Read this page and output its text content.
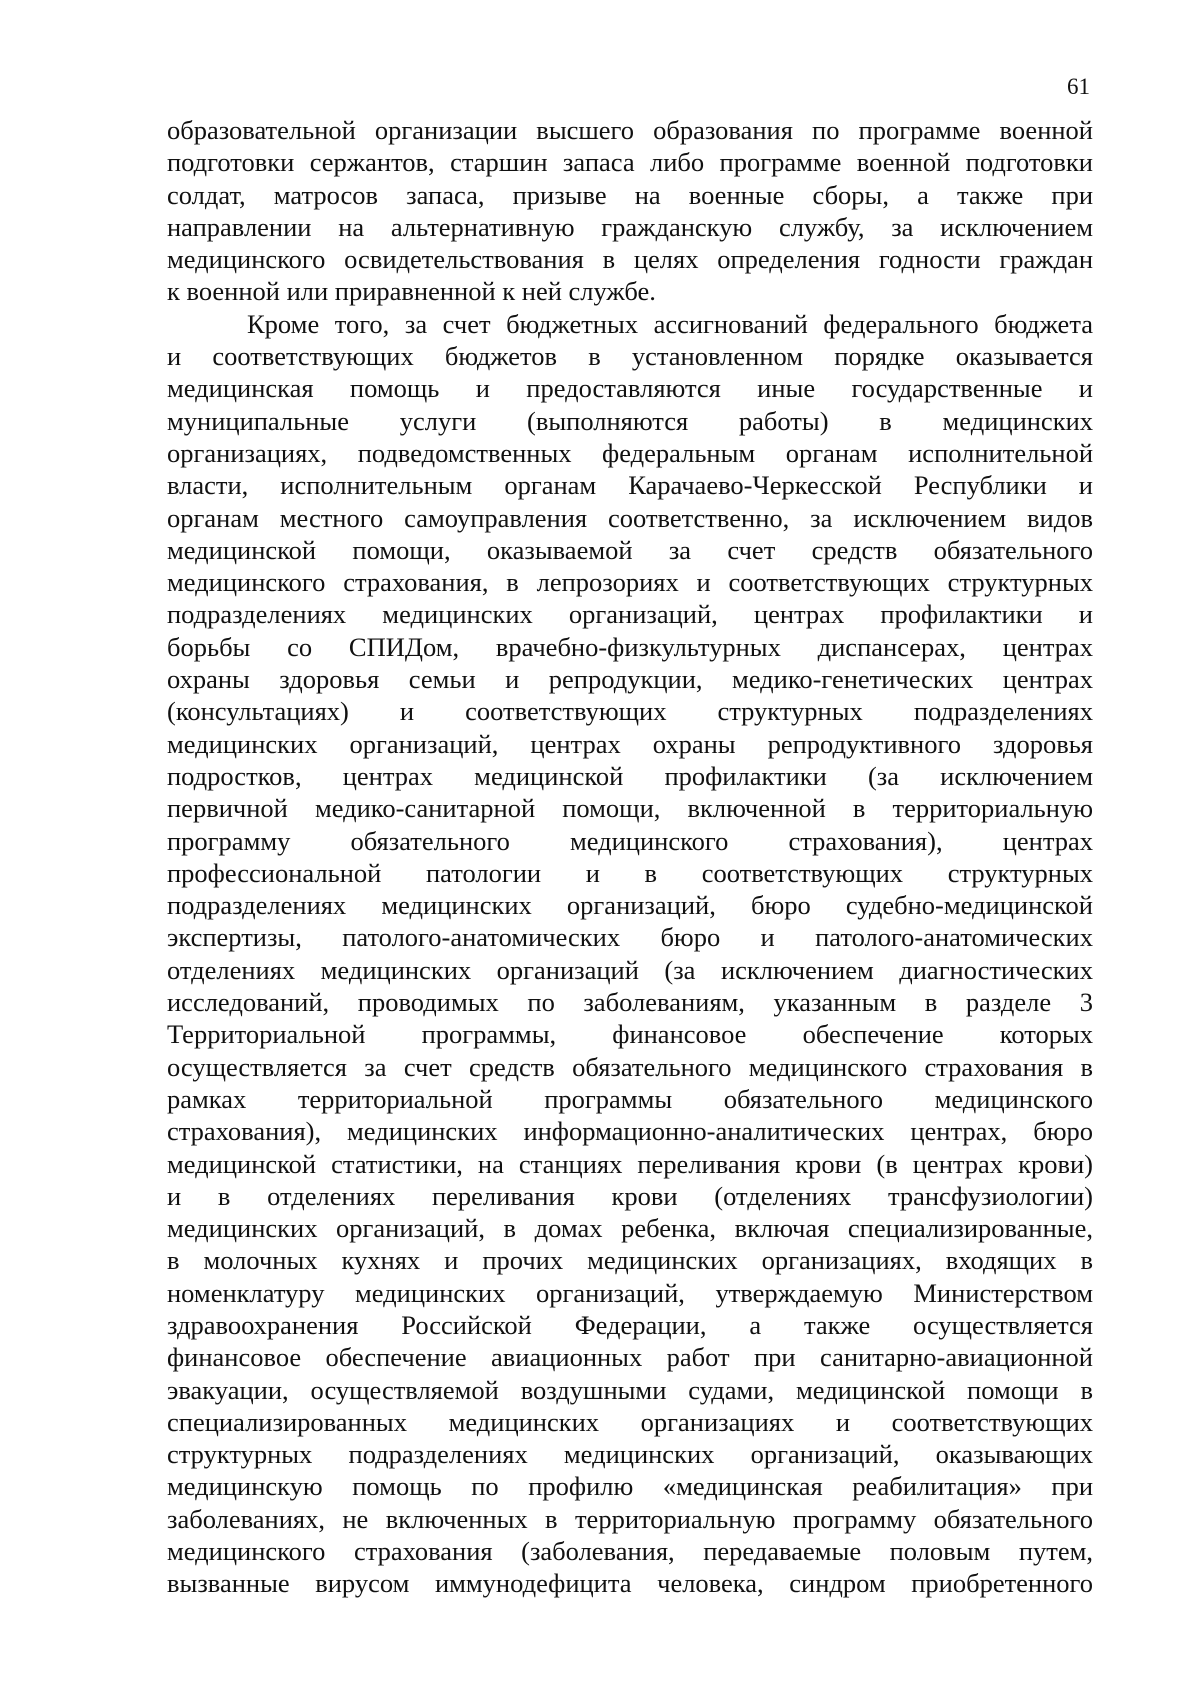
61
образовательной организации высшего образования по программе военной
подготовки сержантов, старшин запаса либо программе военной подготовки
солдат, матросов запаса, призыве на военные сборы, а также при
направлении на альтернативную гражданскую службу, за исключением
медицинского освидетельствования в целях определения годности граждан
к военной или приравненной к ней службе.
Кроме того, за счет бюджетных ассигнований федерального бюджета
и соответствующих бюджетов в установленном порядке оказывается
медицинская помощь и предоставляются иные государственные и
муниципальные услуги (выполняются работы) в медицинских
организациях, подведомственных федеральным органам исполнительной
власти, исполнительным органам Карачаево-Черкесской Республики и
органам местного самоуправления соответственно, за исключением видов
медицинской помощи, оказываемой за счет средств обязательного
медицинского страхования, в лепрозориях и соответствующих структурных
подразделениях медицинских организаций, центрах профилактики и
борьбы со СПИДом, врачебно-физкультурных диспансерах, центрах
охраны здоровья семьи и репродукции, медико-генетических центрах
(консультациях) и соответствующих структурных подразделениях
медицинских организаций, центрах охраны репродуктивного здоровья
подростков, центрах медицинской профилактики (за исключением
первичной медико-санитарной помощи, включенной в территориальную
программу обязательного медицинского страхования), центрах
профессиональной патологии и в соответствующих структурных
подразделениях медицинских организаций, бюро судебно-медицинской
экспертизы, патолого-анатомических бюро и патолого-анатомических
отделениях медицинских организаций (за исключением диагностических
исследований, проводимых по заболеваниям, указанным в разделе 3
Территориальной программы, финансовое обеспечение которых
осуществляется за счет средств обязательного медицинского страхования в
рамках территориальной программы обязательного медицинского
страхования), медицинских информационно-аналитических центрах, бюро
медицинской статистики, на станциях переливания крови (в центрах крови)
и в отделениях переливания крови (отделениях трансфузиологии)
медицинских организаций, в домах ребенка, включая специализированные,
в молочных кухнях и прочих медицинских организациях, входящих в
номенклатуру медицинских организаций, утверждаемую Министерством
здравоохранения Российской Федерации, а также осуществляется
финансовое обеспечение авиационных работ при санитарно-авиационной
эвакуации, осуществляемой воздушными судами, медицинской помощи в
специализированных медицинских организациях и соответствующих
структурных подразделениях медицинских организаций, оказывающих
медицинскую помощь по профилю «медицинская реабилитация» при
заболеваниях, не включенных в территориальную программу обязательного
медицинского страхования (заболевания, передаваемые половым путем,
вызванные вирусом иммунодефицита человека, синдром приобретенного
